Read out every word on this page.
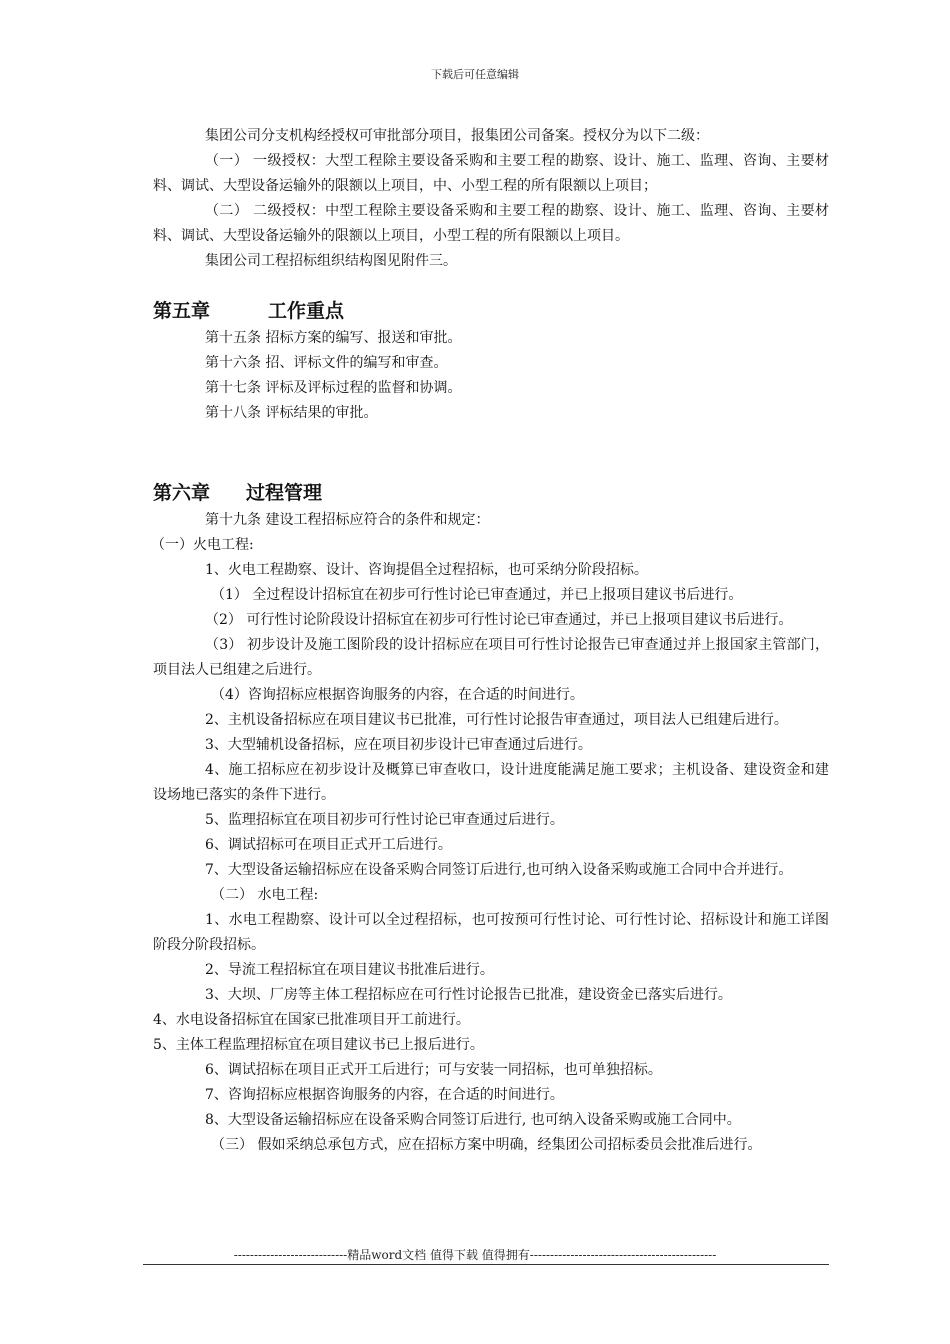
下载后可任意编辑

集团公司分支机构经授权可审批部分项目，报集团公司备案。授权分为以下二级：

（一） 一级授权：大型工程除主要设备采购和主要工程的勘察、设计、施工、监理、咨询、主要材料、调试、大型设备运输外的限额以上项目，中、小型工程的所有限额以上项目；

（二） 二级授权：中型工程除主要设备采购和主要工程的勘察、设计、施工、监理、咨询、主要材料、调试、大型设备运输外的限额以上项目，小型工程的所有限额以上项目。

集团公司工程招标组织结构图见附件三。

第五章	工作重点

第十五条 招标方案的编写、报送和审批。

第十六条 招、评标文件的编写和审查。

第十七条 评标及评标过程的监督和协调。

第十八条 评标结果的审批。

第六章 过程管理

第十九条 建设工程招标应符合的条件和规定：

（一）火电工程:

1、火电工程勘察、设计、咨询提倡全过程招标，也可采纳分阶段招标。

（1） 全过程设计招标宜在初步可行性讨论已审查通过，并已上报项目建议书后进行。

（2） 可行性讨论阶段设计招标宜在初步可行性讨论已审查通过，并已上报项目建议书后进行。

（3） 初步设计及施工图阶段的设计招标应在项目可行性讨论报告已审查通过并上报国家主管部门，项目法人已组建之后进行。

（4）咨询招标应根据咨询服务的内容，在合适的时间进行。

2、主机设备招标应在项目建议书已批准，可行性讨论报告审查通过，项目法人已组建后进行。

3、大型辅机设备招标，应在项目初步设计已审查通过后进行。

4、施工招标应在初步设计及概算已审查收口，设计进度能满足施工要求；主机设备、建设资金和建设场地已落实的条件下进行。

5、监理招标宜在项目初步可行性讨论已审查通过后进行。

6、调试招标可在项目正式开工后进行。

7、大型设备运输招标应在设备采购合同签订后进行,也可纳入设备采购或施工合同中合并进行。

（二） 水电工程:

1、水电工程勘察、设计可以全过程招标，也可按预可行性讨论、可行性讨论、招标设计和施工详图阶段分阶段招标。

2、导流工程招标宜在项目建议书批准后进行。

3、大坝、厂房等主体工程招标应在可行性讨论报告已批准，建设资金已落实后进行。

4、水电设备招标宜在国家已批准项目开工前进行。

5、主体工程监理招标宜在项目建议书已上报后进行。

6、调试招标在项目正式开工后进行；可与安装一同招标，也可单独招标。

7、咨询招标应根据咨询服务的内容，在合适的时间进行。

8、大型设备运输招标应在设备采购合同签订后进行, 也可纳入设备采购或施工合同中。

（三） 假如采纳总承包方式，应在招标方案中明确，经集团公司招标委员会批准后进行。

----------------------------精品word文档 值得下载 值得拥有----------------------------------------------
